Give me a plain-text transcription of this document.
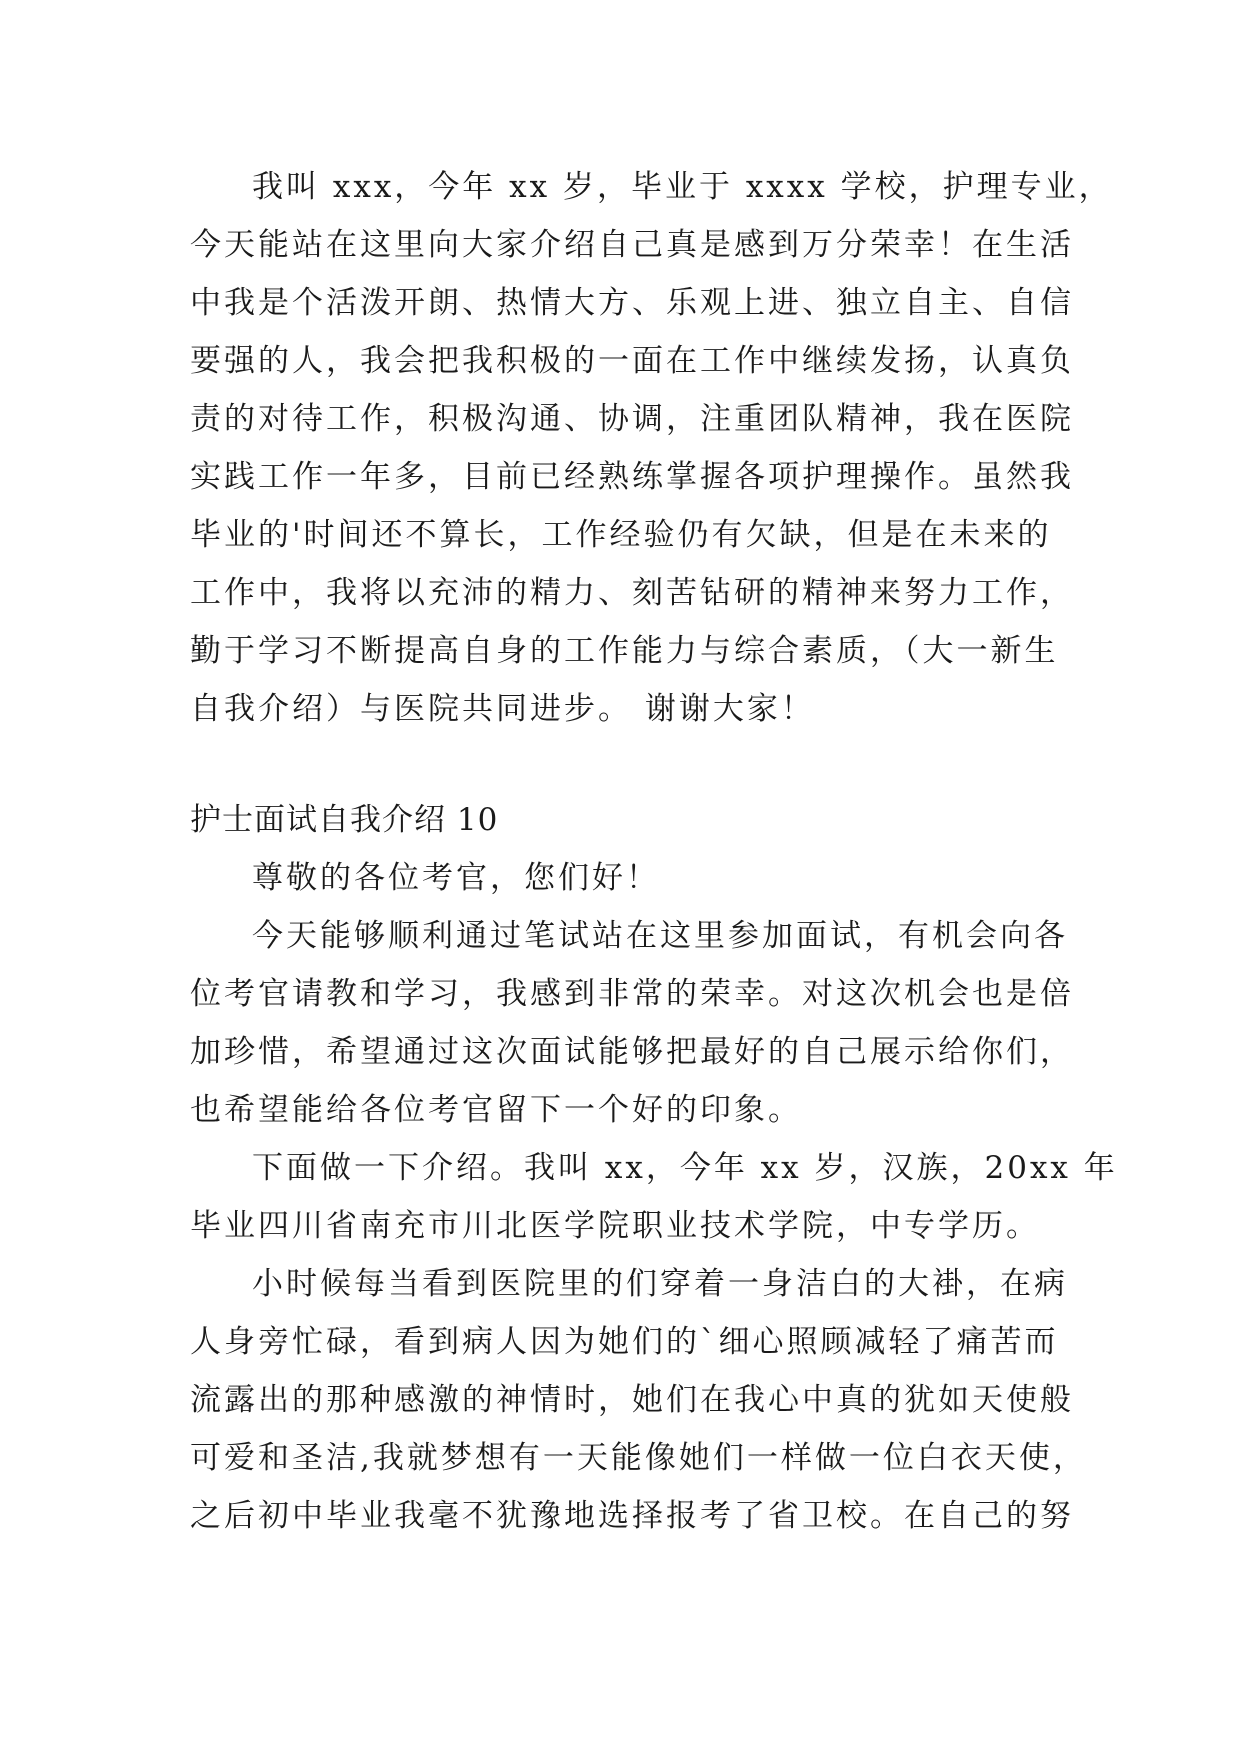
我叫 xxx，今年 xx 岁，毕业于 xxxx 学校，护理专业，
今天能站在这里向大家介绍自己真是感到万分荣幸！在生活
中我是个活泼开朗、热情大方、乐观上进、独立自主、自信
要强的人，我会把我积极的一面在工作中继续发扬，认真负
责的对待工作，积极沟通、协调，注重团队精神，我在医院
实践工作一年多，目前已经熟练掌握各项护理操作。虽然我
毕业的'时间还不算长，工作经验仍有欠缺，但是在未来的
工作中，我将以充沛的精力、刻苦钻研的精神来努力工作，
勤于学习不断提高自身的工作能力与综合素质，（大一新生
自我介绍）与医院共同进步。 谢谢大家！
护士面试自我介绍 10
尊敬的各位考官，您们好！
今天能够顺利通过笔试站在这里参加面试，有机会向各
位考官请教和学习，我感到非常的荣幸。对这次机会也是倍
加珍惜，希望通过这次面试能够把最好的自己展示给你们，
也希望能给各位考官留下一个好的印象。
下面做一下介绍。我叫 xx，今年 xx 岁，汉族，20xx 年
毕业四川省南充市川北医学院职业技术学院，中专学历。
小时候每当看到医院里的们穿着一身洁白的大褂，在病
人身旁忙碌，看到病人因为她们的`细心照顾减轻了痛苦而
流露出的那种感激的神情时，她们在我心中真的犹如天使般
可爱和圣洁,我就梦想有一天能像她们一样做一位白衣天使，
之后初中毕业我毫不犹豫地选择报考了省卫校。在自己的努
